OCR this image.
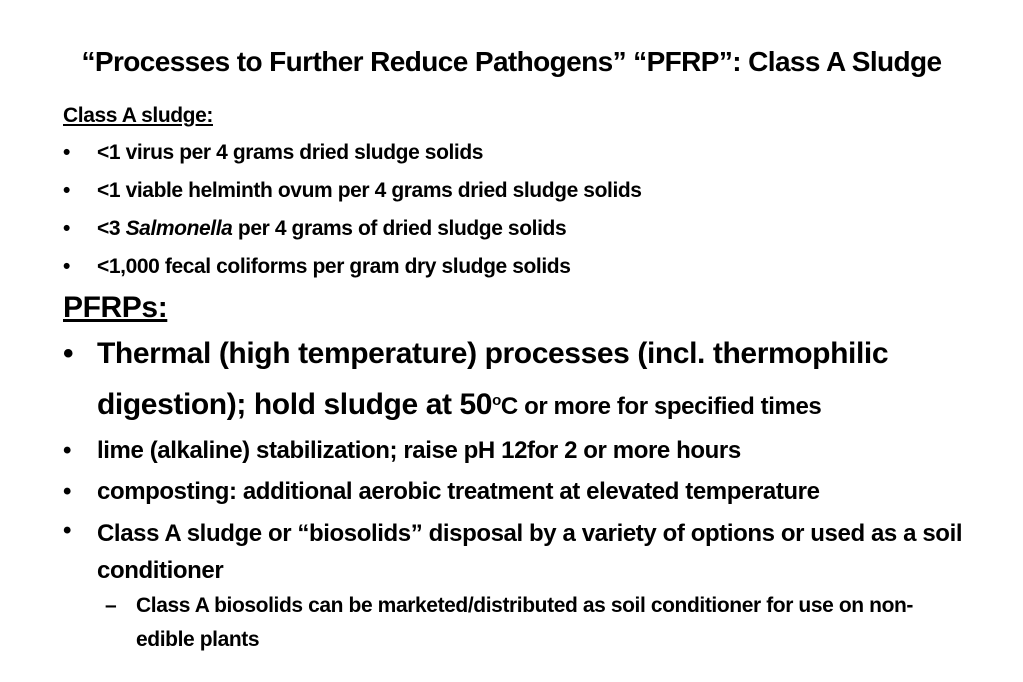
“Processes to Further Reduce Pathogens” “PFRP”: Class A Sludge
Class A sludge:
• <1 virus per 4 grams dried sludge solids
• <1 viable helminth ovum per 4 grams dried sludge solids
• <3 Salmonella per 4 grams of dried sludge solids
• <1,000 fecal coliforms per gram dry sludge solids
PFRPs:
• Thermal (high temperature) processes (incl. thermophilic digestion); hold sludge at 50$^o$C or more for specified times
• lime (alkaline) stabilization; raise pH 12for 2 or more hours
• composting: additional aerobic treatment at elevated temperature
• Class A sludge or “biosolids” disposal by a variety of options or used as a soil conditioner
– Class A biosolids can be marketed/distributed as soil conditioner for use on non-edible plants
